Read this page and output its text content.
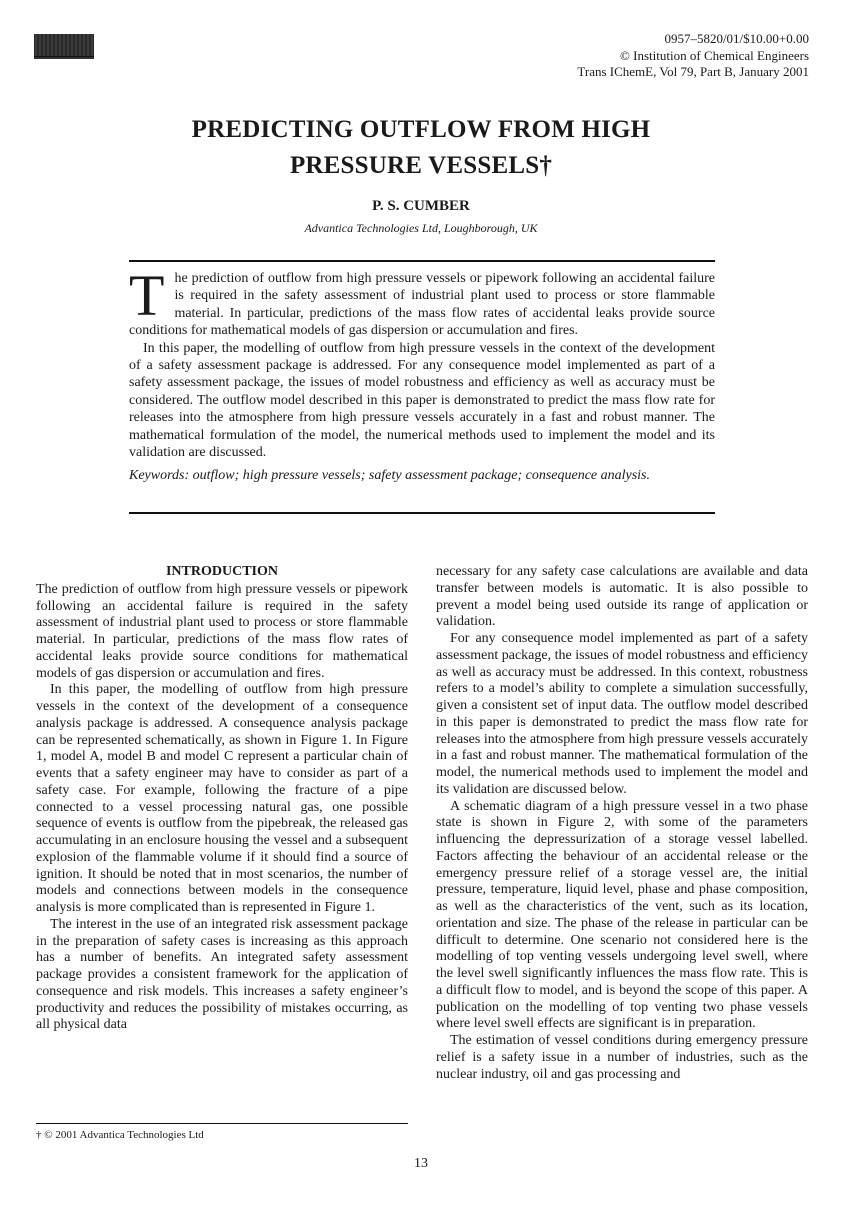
0957–5820/01/$10.00+0.00
© Institution of Chemical Engineers
Trans IChemE, Vol 79, Part B, January 2001
PREDICTING OUTFLOW FROM HIGH
PRESSURE VESSELS†
P. S. CUMBER
Advantica Technologies Ltd, Loughborough, UK

The prediction of outflow from high pressure vessels or pipework following an accidental failure is required in the safety assessment of industrial plant used to process or store flammable material. In particular, predictions of the mass flow rates of accidental leaks provide source conditions for mathematical models of gas dispersion or accumulation and fires.

In this paper, the modelling of outflow from high pressure vessels in the context of the development of a safety assessment package is addressed. For any consequence model implemented as part of a safety assessment package, the issues of model robustness and efficiency as well as accuracy must be considered. The outflow model described in this paper is demonstrated to predict the mass flow rate for releases into the atmosphere from high pressure vessels accurately in a fast and robust manner. The mathematical formulation of the model, the numerical methods used to implement the model and its validation are discussed.

Keywords: outflow; high pressure vessels; safety assessment package; consequence analysis.

INTRODUCTION

The prediction of outflow from high pressure vessels or pipework following an accidental failure is required in the safety assessment of industrial plant used to process or store flammable material. In particular, predictions of the mass flow rates of accidental leaks provide source conditions for mathematical models of gas dispersion or accumulation and fires.

In this paper, the modelling of outflow from high pressure vessels in the context of the development of a consequence analysis package is addressed. A consequence analysis package can be represented schematically, as shown in Figure 1. In Figure 1, model A, model B and model C represent a particular chain of events that a safety engineer may have to consider as part of a safety case. For example, following the fracture of a pipe connected to a vessel processing natural gas, one possible sequence of events is outflow from the pipebreak, the released gas accumulating in an enclosure housing the vessel and a subsequent explosion of the flammable volume if it should find a source of ignition. It should be noted that in most scenarios, the number of models and connections between models in the consequence analysis is more complicated than is represented in Figure 1.

The interest in the use of an integrated risk assessment package in the preparation of safety cases is increasing as this approach has a number of benefits. An integrated safety assessment package provides a consistent framework for the application of consequence and risk models. This increases a safety engineer’s productivity and reduces the possibility of mistakes occurring, as all physical data

necessary for any safety case calculations are available and data transfer between models is automatic. It is also possible to prevent a model being used outside its range of application or validation.

For any consequence model implemented as part of a safety assessment package, the issues of model robustness and efficiency as well as accuracy must be addressed. In this context, robustness refers to a model’s ability to complete a simulation successfully, given a consistent set of input data. The outflow model described in this paper is demonstrated to predict the mass flow rate for releases into the atmosphere from high pressure vessels accurately in a fast and robust manner. The mathematical formulation of the model, the numerical methods used to implement the model and its validation are discussed below.

A schematic diagram of a high pressure vessel in a two phase state is shown in Figure 2, with some of the parameters influencing the depressurization of a storage vessel labelled. Factors affecting the behaviour of an accidental release or the emergency pressure relief of a storage vessel are, the initial pressure, temperature, liquid level, phase and phase composition, as well as the characteristics of the vent, such as its location, orientation and size. The phase of the release in particular can be difficult to determine. One scenario not considered here is the modelling of top venting vessels undergoing level swell, where the level swell significantly influences the mass flow rate. This is a difficult flow to model, and is beyond the scope of this paper. A publication on the modelling of top venting two phase vessels where level swell effects are significant is in preparation.

The estimation of vessel conditions during emergency pressure relief is a safety issue in a number of industries, such as the nuclear industry, oil and gas processing and

† © 2001 Advantica Technologies Ltd
13
